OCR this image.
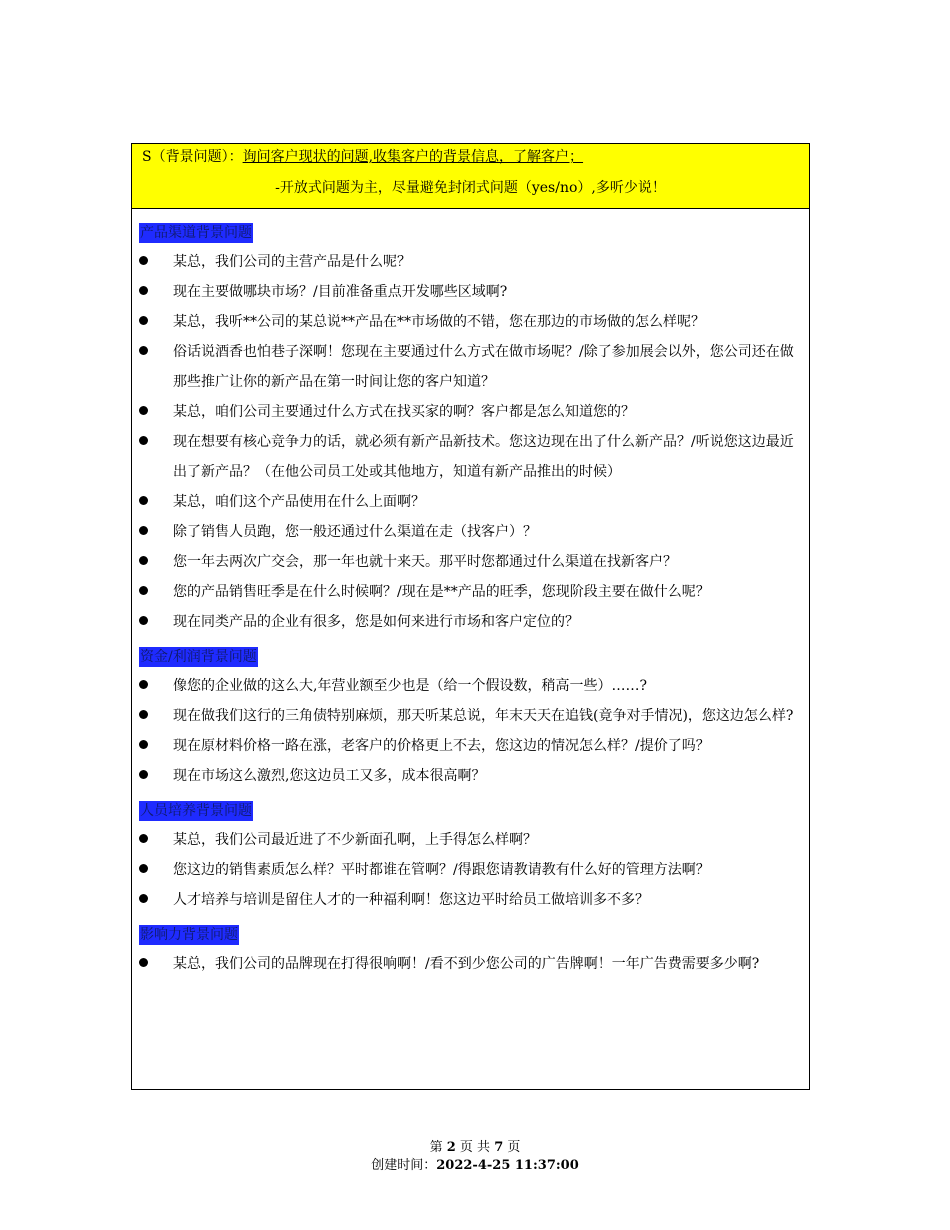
S（背景问题）：询问客户现状的问题,收集客户的背景信息，了解客户；
-开放式问题为主，尽量避免封闭式问题（yes/no）,多听少说！
产品渠道背景问题
某总，我们公司的主营产品是什么呢？
现在主要做哪块市场？/目前准备重点开发哪些区域啊?
某总，我听**公司的某总说**产品在**市场做的不错，您在那边的市场做的怎么样呢？
俗话说酒香也怕巷子深啊！您现在主要通过什么方式在做市场呢？/除了参加展会以外，您公司还在做那些推广让你的新产品在第一时间让您的客户知道？
某总，咱们公司主要通过什么方式在找买家的啊？客户都是怎么知道您的？
现在想要有核心竞争力的话，就必须有新产品新技术。您这边现在出了什么新产品？/听说您这边最近出了新产品？（在他公司员工处或其他地方，知道有新产品推出的时候）
某总，咱们这个产品使用在什么上面啊？
除了销售人员跑，您一般还通过什么渠道在走（找客户）？
您一年去两次广交会，那一年也就十来天。那平时您都通过什么渠道在找新客户？
您的产品销售旺季是在什么时候啊？/现在是**产品的旺季，您现阶段主要在做什么呢？
现在同类产品的企业有很多，您是如何来进行市场和客户定位的？
资金/利润背景问题
像您的企业做的这么大,年营业额至少也是（给一个假设数，稍高一些）……?
现在做我们这行的三角债特别麻烦，那天听某总说，年末天天在追钱(竟争对手情况)，您这边怎么样?
现在原材料价格一路在涨，老客户的价格更上不去，您这边的情况怎么样？/提价了吗？
现在市场这么激烈,您这边员工又多，成本很高啊？
人员培养背景问题
某总，我们公司最近进了不少新面孔啊，上手得怎么样啊？
您这边的销售素质怎么样？平时都谁在管啊？/得跟您请教请教有什么好的管理方法啊？
人才培养与培训是留住人才的一种福利啊！您这边平时给员工做培训多不多？
影响力背景问题
某总，我们公司的品牌现在打得很响啊！/看不到少您公司的广告牌啊！一年广告费需要多少啊?
第 2 页 共 7 页
创建时间：2022-4-25 11:37:00
